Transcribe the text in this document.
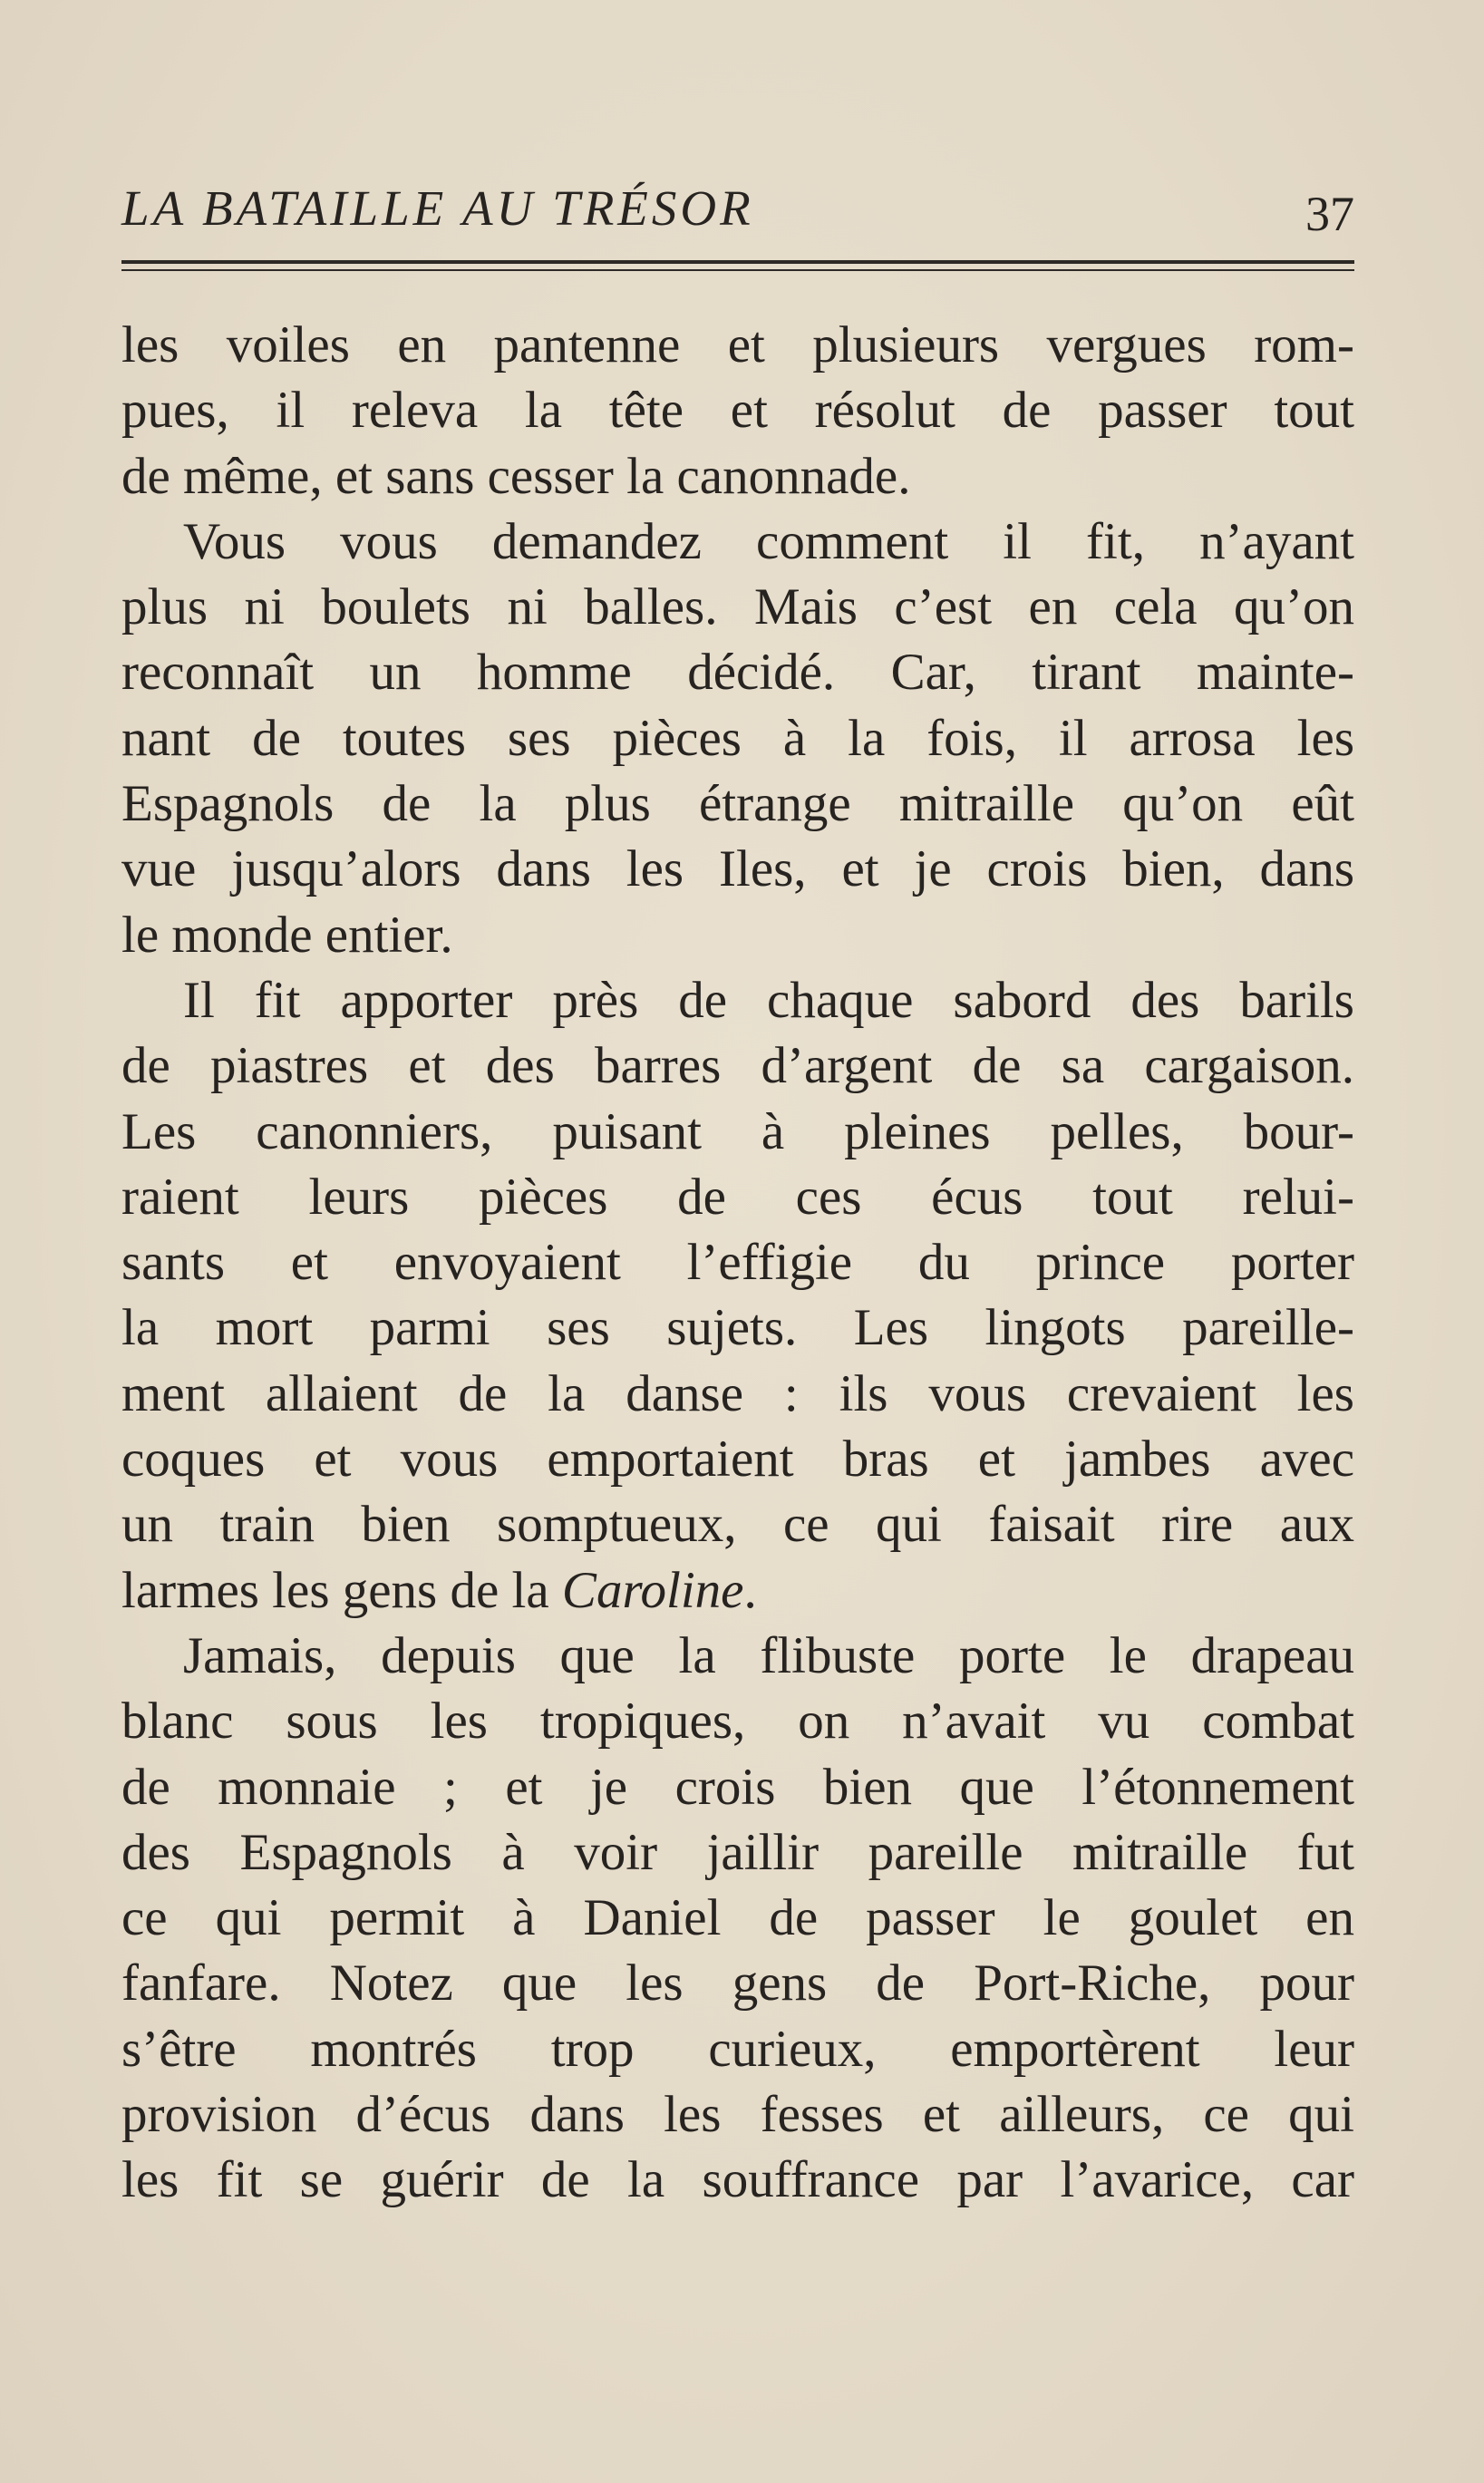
LA BATAILLE AU TRÉSOR	37
les voiles en pantenne et plusieurs vergues rom-
pues, il releva la tête et résolut de passer tout
de même, et sans cesser la canonnade.
Vous vous demandez comment il fit, n’ayant
plus ni boulets ni balles. Mais c’est en cela qu’on
reconnaît un homme décidé. Car, tirant mainte-
nant de toutes ses pièces à la fois, il arrosa les
Espagnols de la plus étrange mitraille qu’on eût
vue jusqu’alors dans les Iles, et je crois bien, dans
le monde entier.
Il fit apporter près de chaque sabord des barils
de piastres et des barres d’argent de sa cargaison.
Les canonniers, puisant à pleines pelles, bour-
raient leurs pièces de ces écus tout relui-
sants et envoyaient l’effigie du prince porter
la mort parmi ses sujets. Les lingots pareille-
ment allaient de la danse : ils vous crevaient les
coques et vous emportaient bras et jambes avec
un train bien somptueux, ce qui faisait rire aux
larmes les gens de la Caroline.
Jamais, depuis que la flibuste porte le drapeau
blanc sous les tropiques, on n’avait vu combat
de monnaie ; et je crois bien que l’étonnement
des Espagnols à voir jaillir pareille mitraille fut
ce qui permit à Daniel de passer le goulet en
fanfare. Notez que les gens de Port-Riche, pour
s’être montrés trop curieux, emportèrent leur
provision d’écus dans les fesses et ailleurs, ce qui
les fit se guérir de la souffrance par l’avarice, car
